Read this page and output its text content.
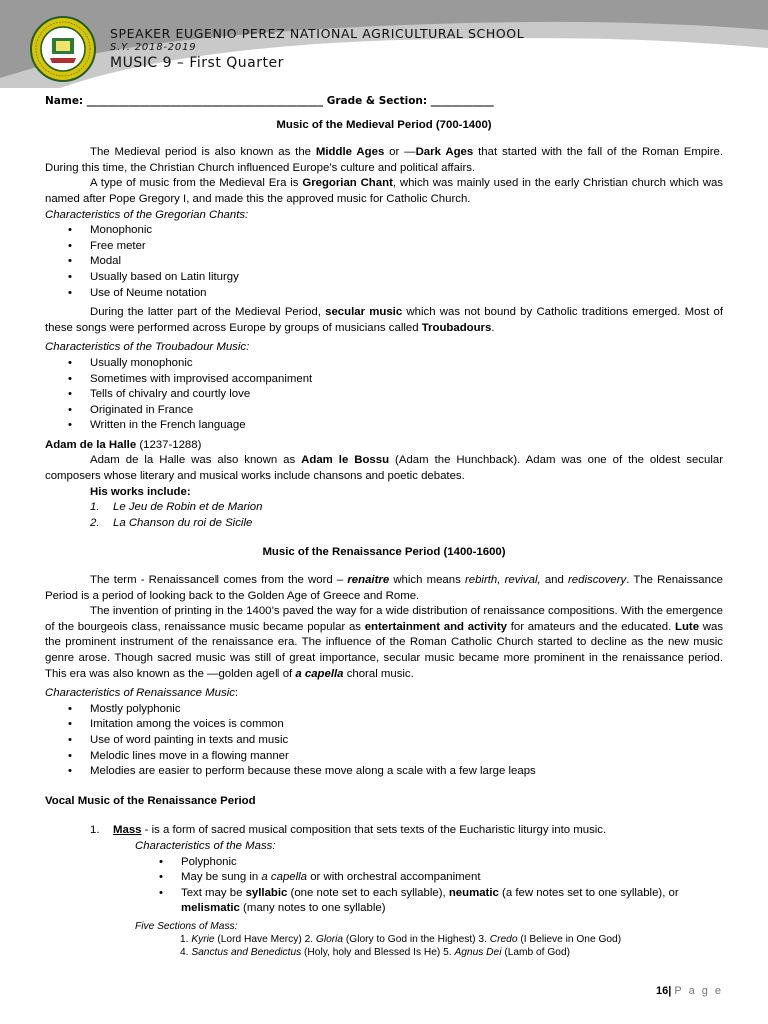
SPEAKER EUGENIO PEREZ NATIONAL AGRICULTURAL SCHOOL
S.Y. 2018-2019
MUSIC 9 – First Quarter

Name: _____________________________________________ Grade & Section: ____________

Music of the Medieval Period (700-1400)

The Medieval period is also known as the Middle Ages or ―Dark Ages that started with the fall of the Roman Empire. During this time, the Christian Church influenced Europe’s culture and political affairs.

A type of music from the Medieval Era is Gregorian Chant, which was mainly used in the early Christian church which was named after Pope Gregory I, and made this the approved music for Catholic Church.

Characteristics of the Gregorian Chants:

• Monophonic
• Free meter
• Modal
• Usually based on Latin liturgy
• Use of Neume notation

During the latter part of the Medieval Period, secular music which was not bound by Catholic traditions emerged. Most of these songs were performed across Europe by groups of musicians called Troubadours.

Characteristics of the Troubadour Music:

• Usually monophonic
• Sometimes with improvised accompaniment
• Tells of chivalry and courtly love
• Originated in France
• Written in the French language

Adam de la Halle (1237-1288)

Adam de la Halle was also known as Adam le Bossu (Adam the Hunchback). Adam was one of the oldest secular composers whose literary and musical works include chansons and poetic debates.

His works include:

1. Le Jeu de Robin et de Marion
2. La Chanson du roi de Sicile

Music of the Renaissance Period (1400-1600)

The term - Renaissance‖ comes from the word – renaitre which means rebirth, revival, and rediscovery. The Renaissance Period is a period of looking back to the Golden Age of Greece and Rome.

The invention of printing in the 1400’s paved the way for a wide distribution of renaissance compositions. With the emergence of the bourgeois class, renaissance music became popular as entertainment and activity for amateurs and the educated. Lute was the prominent instrument of the renaissance era. The influence of the Roman Catholic Church started to decline as the new music genre arose. Though sacred music was still of great importance, secular music became more prominent in the renaissance period. This era was also known as the ―golden age‖ of a capella choral music.

Characteristics of Renaissance Music:

• Mostly polyphonic
• Imitation among the voices is common
• Use of word painting in texts and music
• Melodic lines move in a flowing manner
• Melodies are easier to perform because these move along a scale with a few large leaps

Vocal Music of the Renaissance Period

1. Mass - is a form of sacred musical composition that sets texts of the Eucharistic liturgy into music.

Characteristics of the Mass:

• Polyphonic
• May be sung in a capella or with orchestral accompaniment
• Text may be syllabic (one note set to each syllable), neumatic (a few notes set to one syllable), or melismatic (many notes to one syllable)

Five Sections of Mass:

1. Kyrie (Lord Have Mercy) 2. Gloria (Glory to God in the Highest) 3. Credo (I Believe in One God)

4. Sanctus and Benedictus (Holy, holy and Blessed Is He) 5. Agnus Dei (Lamb of God)

16| P a g e
